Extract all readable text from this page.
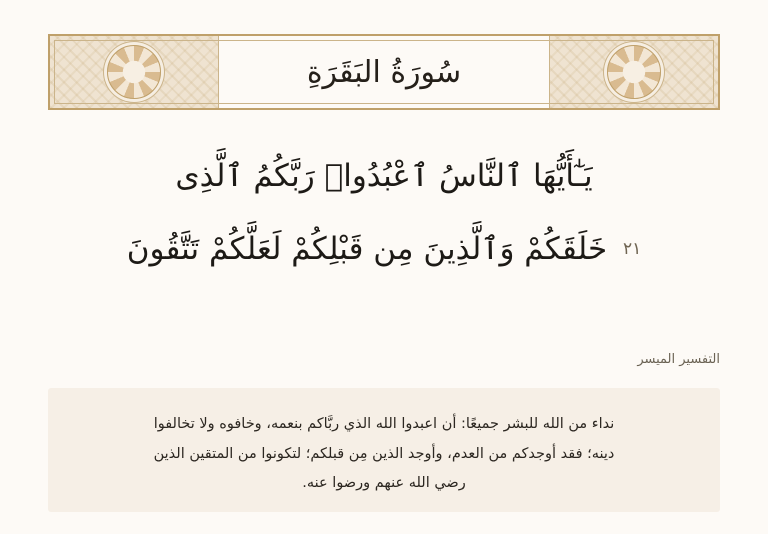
سُورَةُ البَقَرَةِ
يَـٰٓأَيُّهَا ٱلنَّاسُ ٱعْبُدُوا۟ رَبَّكُمُ ٱلَّذِى
٢١ خَلَقَكُمْ وَٱلَّذِينَ مِن قَبْلِكُمْ لَعَلَّكُمْ تَتَّقُونَ
التفسير الميسر
نداء من الله للبشر جميعًا: أن اعبدوا الله الذي ربَّاكم بنعمه، وخافوه ولا تخالفوا
دينه؛ فقد أوجدكم من العدم، وأوجد الذين مِن قبلكم؛ لتكونوا من المتقين الذين
رضي الله عنهم ورضوا عنه.
